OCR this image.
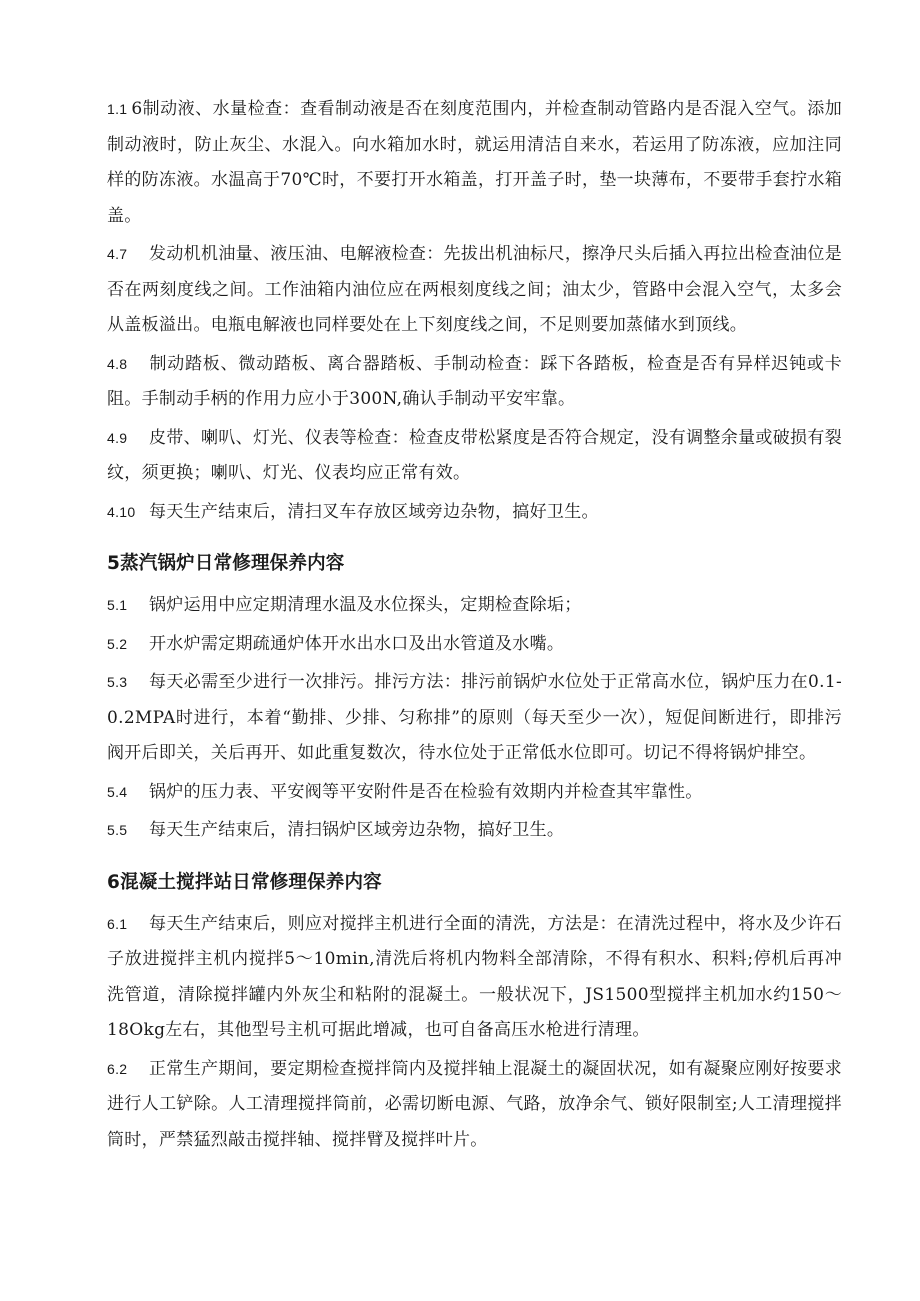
1.1 6制动液、水量检查：查看制动液是否在刻度范围内，并检查制动管路内是否混入空气。添加制动液时，防止灰尘、水混入。向水箱加水时，就运用清洁自来水，若运用了防冻液，应加注同样的防冻液。水温高于70℃时，不要打开水箱盖，打开盖子时，垫一块薄布，不要带手套拧水箱盖。

4.7 发动机机油量、液压油、电解液检查：先拔出机油标尺，擦净尺头后插入再拉出检查油位是否在两刻度线之间。工作油箱内油位应在两根刻度线之间；油太少，管路中会混入空气，太多会从盖板溢出。电瓶电解液也同样要处在上下刻度线之间，不足则要加蒸储水到顶线。

4.8 制动踏板、微动踏板、离合器踏板、手制动检查：踩下各踏板，检查是否有异样迟钝或卡阻。手制动手柄的作用力应小于300N,确认手制动平安牢靠。

4.9 皮带、喇叭、灯光、仪表等检查：检查皮带松紧度是否符合规定，没有调整余量或破损有裂纹，须更换；喇叭、灯光、仪表均应正常有效。

4.10 每天生产结束后，清扫叉车存放区域旁边杂物，搞好卫生。

5蒸汽锅炉日常修理保养内容

5.1 锅炉运用中应定期清理水温及水位探头，定期检查除垢；

5.2 开水炉需定期疏通炉体开水出水口及出水管道及水嘴。

5.3 每天必需至少进行一次排污。排污方法：排污前锅炉水位处于正常高水位，锅炉压力在0.1-0.2MPA时进行，本着“勤排、少排、匀称排”的原则（每天至少一次），短促间断进行，即排污阀开后即关，关后再开、如此重复数次，待水位处于正常低水位即可。切记不得将锅炉排空。

5.4 锅炉的压力表、平安阀等平安附件是否在检验有效期内并检查其牢靠性。

5.5 每天生产结束后，清扫锅炉区域旁边杂物，搞好卫生。

6混凝土搅拌站日常修理保养内容

6.1 每天生产结束后，则应对搅拌主机进行全面的清洗，方法是：在清洗过程中，将水及少许石子放进搅拌主机内搅拌5～10min,清洗后将机内物料全部清除，不得有积水、积料;停机后再冲洗管道，清除搅拌罐内外灰尘和粘附的混凝土。一般状况下，JS1500型搅拌主机加水约150～18Okg左右，其他型号主机可据此增减，也可自备高压水枪进行清理。

6.2 正常生产期间，要定期检查搅拌筒内及搅拌轴上混凝土的凝固状况，如有凝聚应刚好按要求进行人工铲除。人工清理搅拌筒前，必需切断电源、气路，放净余气、锁好限制室;人工清理搅拌筒时，严禁猛烈敲击搅拌轴、搅拌臂及搅拌叶片。
